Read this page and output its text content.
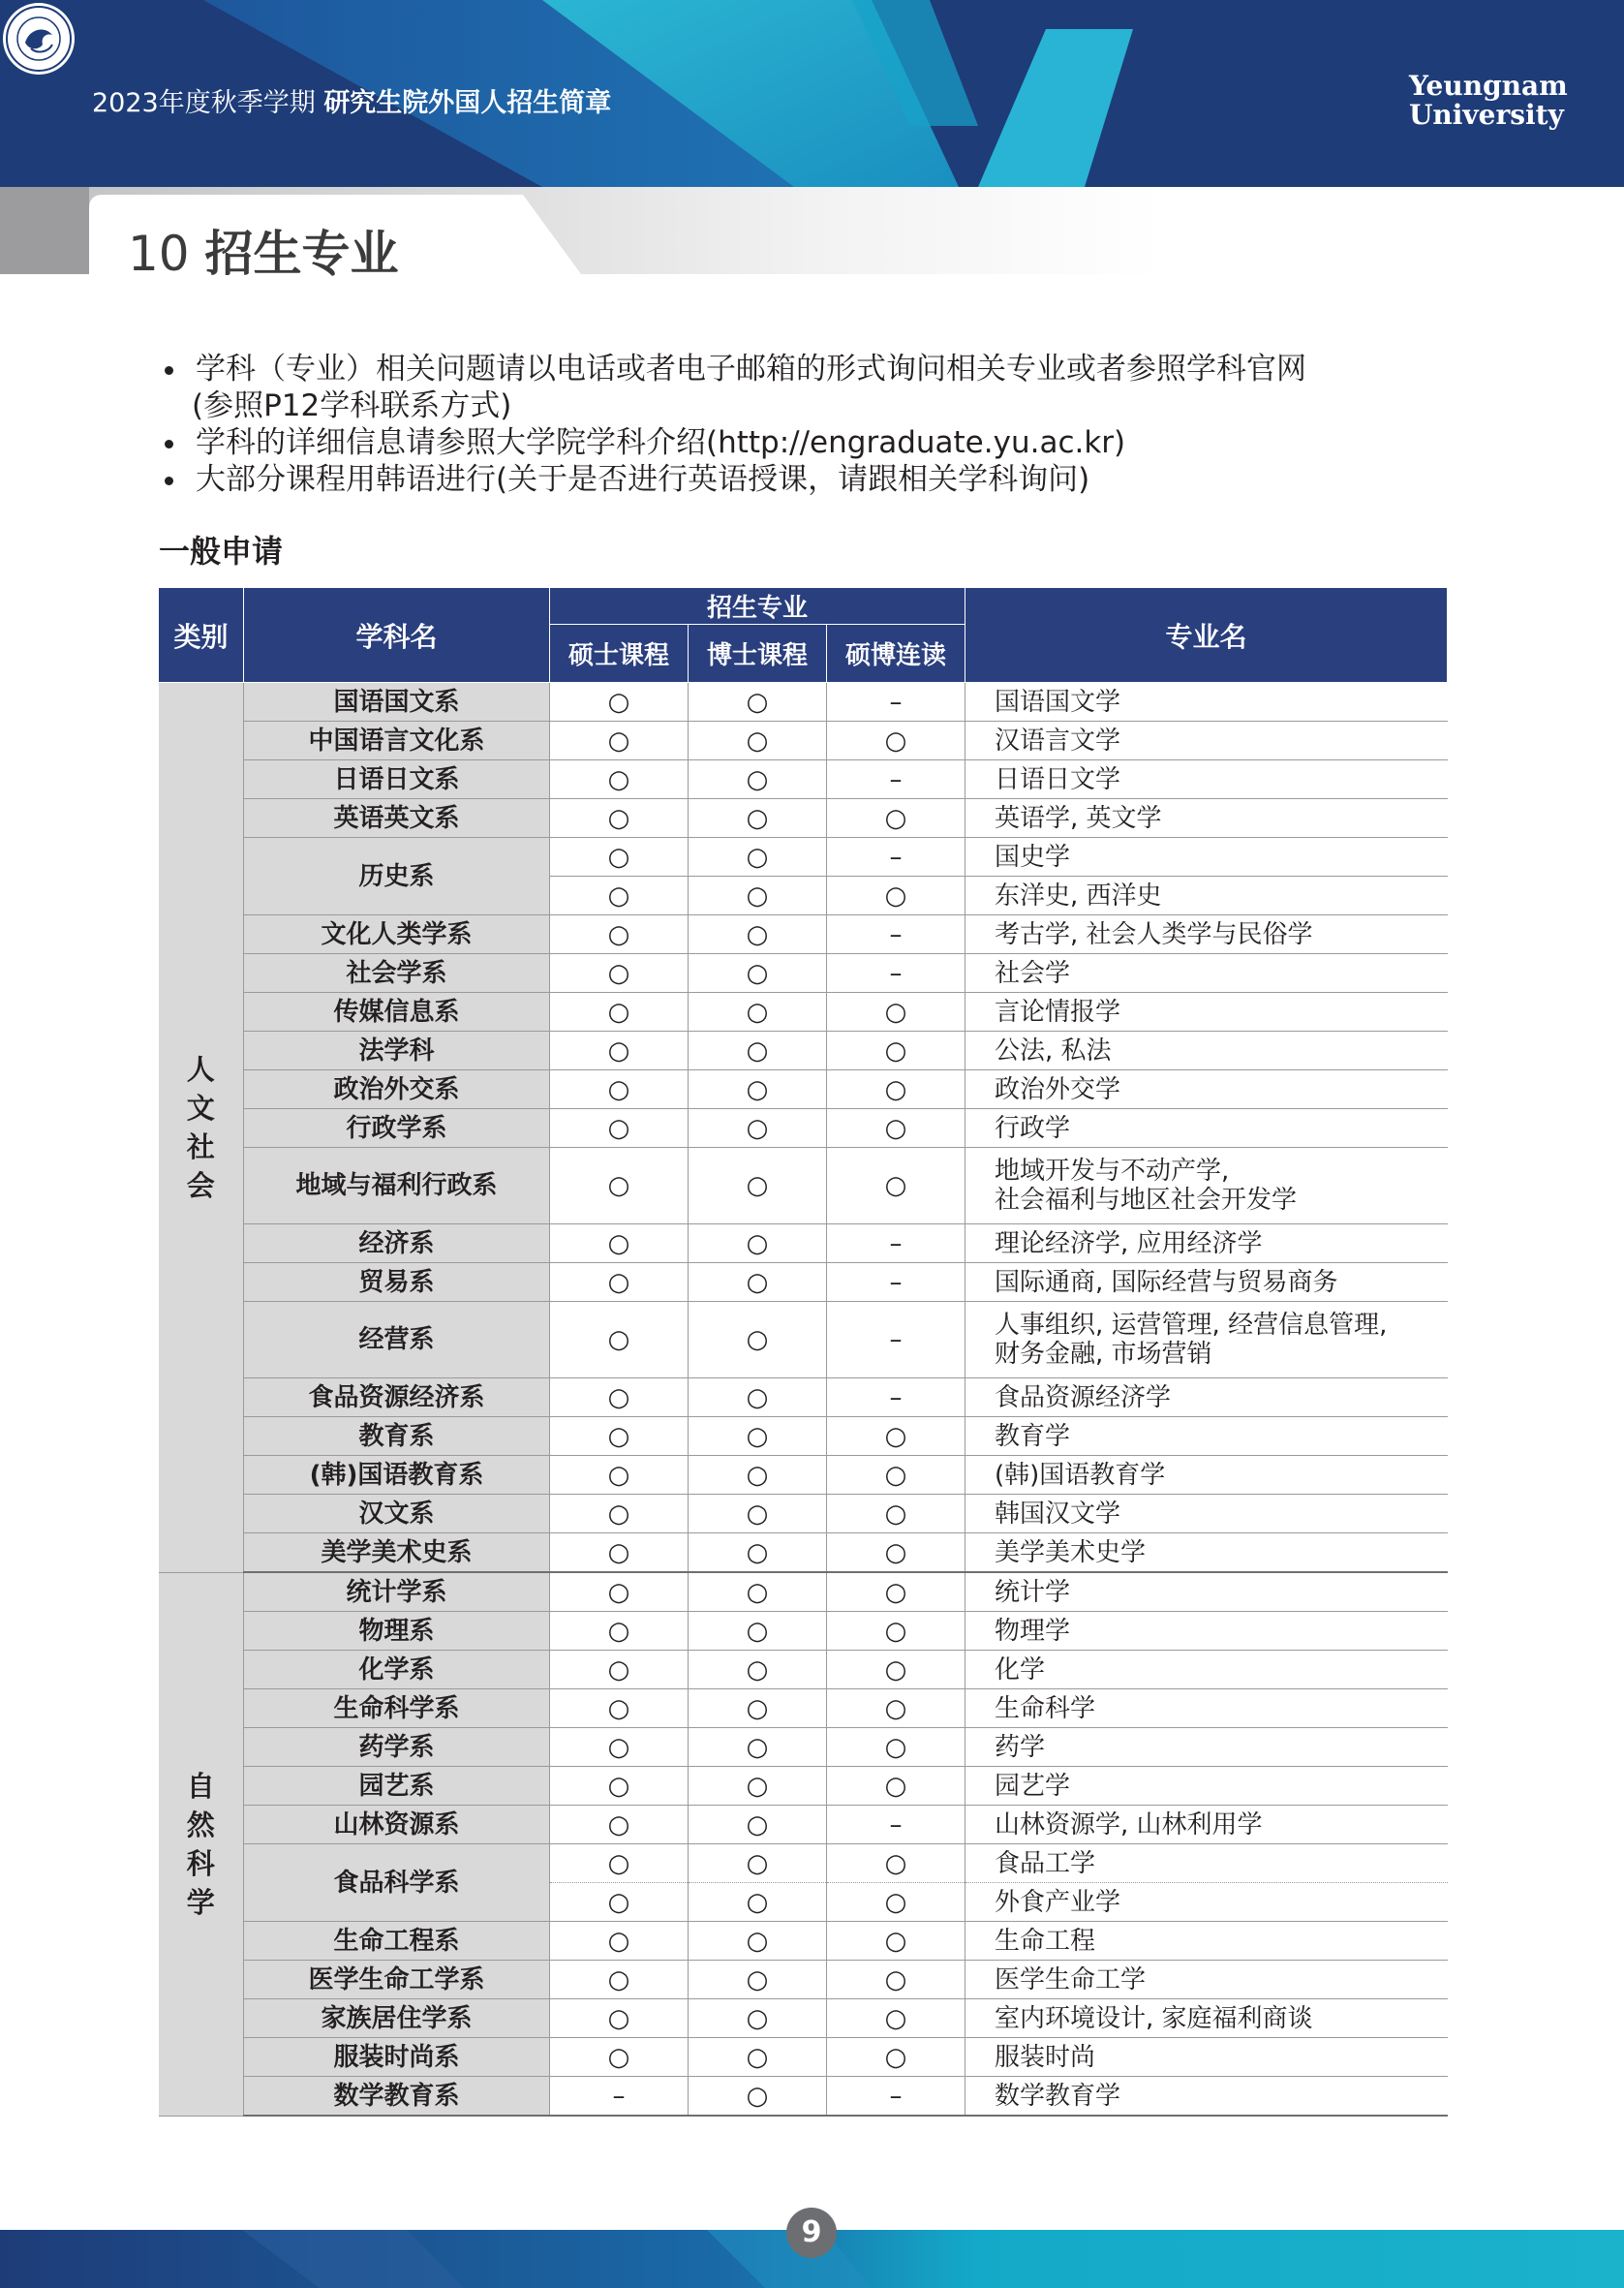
2023年度秋季学期 研究生院外国人招生简章
Yeungnam
University
10 招生专业
学科（专业）相关问题请以电话或者电子邮箱的形式询问相关专业或者参照学科官网
(参照P12学科联系方式)
学科的详细信息请参照大学院学科介绍(http://engraduate.yu.ac.kr)
大部分课程用韩语进行(关于是否进行英语授课，请跟相关学科询问)
一般申请
类别	学科名	招生专业			专业名
		硕士课程	博士课程	硕博连读	
人文社会	国语国文系	○	○	–	国语国文学

	中国语言文化系	○	○	○	汉语言文学

	日语日文系	○	○	–	日语日文学

	英语英文系	○	○	○	英语学, 英文学

	历史系	○	○	–	国史学

		○	○	○	东洋史, 西洋史

	文化人类学系	○	○	–	考古学, 社会人类学与民俗学

	社会学系	○	○	–	社会学

	传媒信息系	○	○	○	言论情报学

	法学科	○	○	○	公法, 私法

	政治外交系	○	○	○	政治外交学

	行政学系	○	○	○	行政学

	地域与福利行政系	○	○	○	地域开发与不动产学,
社会福利与地区社会开发学

	经济系	○	○	–	理论经济学, 应用经济学

	贸易系	○	○	–	国际通商, 国际经营与贸易商务

	经营系	○	○	–	人事组织, 运营管理, 经营信息管理,
财务金融, 市场营销

	食品资源经济系	○	○	–	食品资源经济学

	教育系	○	○	○	教育学

	(韩)国语教育系	○	○	○	(韩)国语教育学

	汉文系	○	○	○	韩国汉文学

	美学美术史系	○	○	○	美学美术史学

自然科学	统计学系	○	○	○	统计学

	物理系	○	○	○	物理学

	化学系	○	○	○	化学

	生命科学系	○	○	○	生命科学

	药学系	○	○	○	药学

	园艺系	○	○	○	园艺学

	山林资源系	○	○	–	山林资源学, 山林利用学

	食品科学系	○	○	○	食品工学

		○	○	○	外食产业学

	生命工程系	○	○	○	生命工程

	医学生命工学系	○	○	○	医学生命工学

	家族居住学系	○	○	○	室内环境设计, 家庭福利商谈

	服装时尚系	○	○	○	服装时尚

	数学教育系	–	○	–	数学教育学
9
